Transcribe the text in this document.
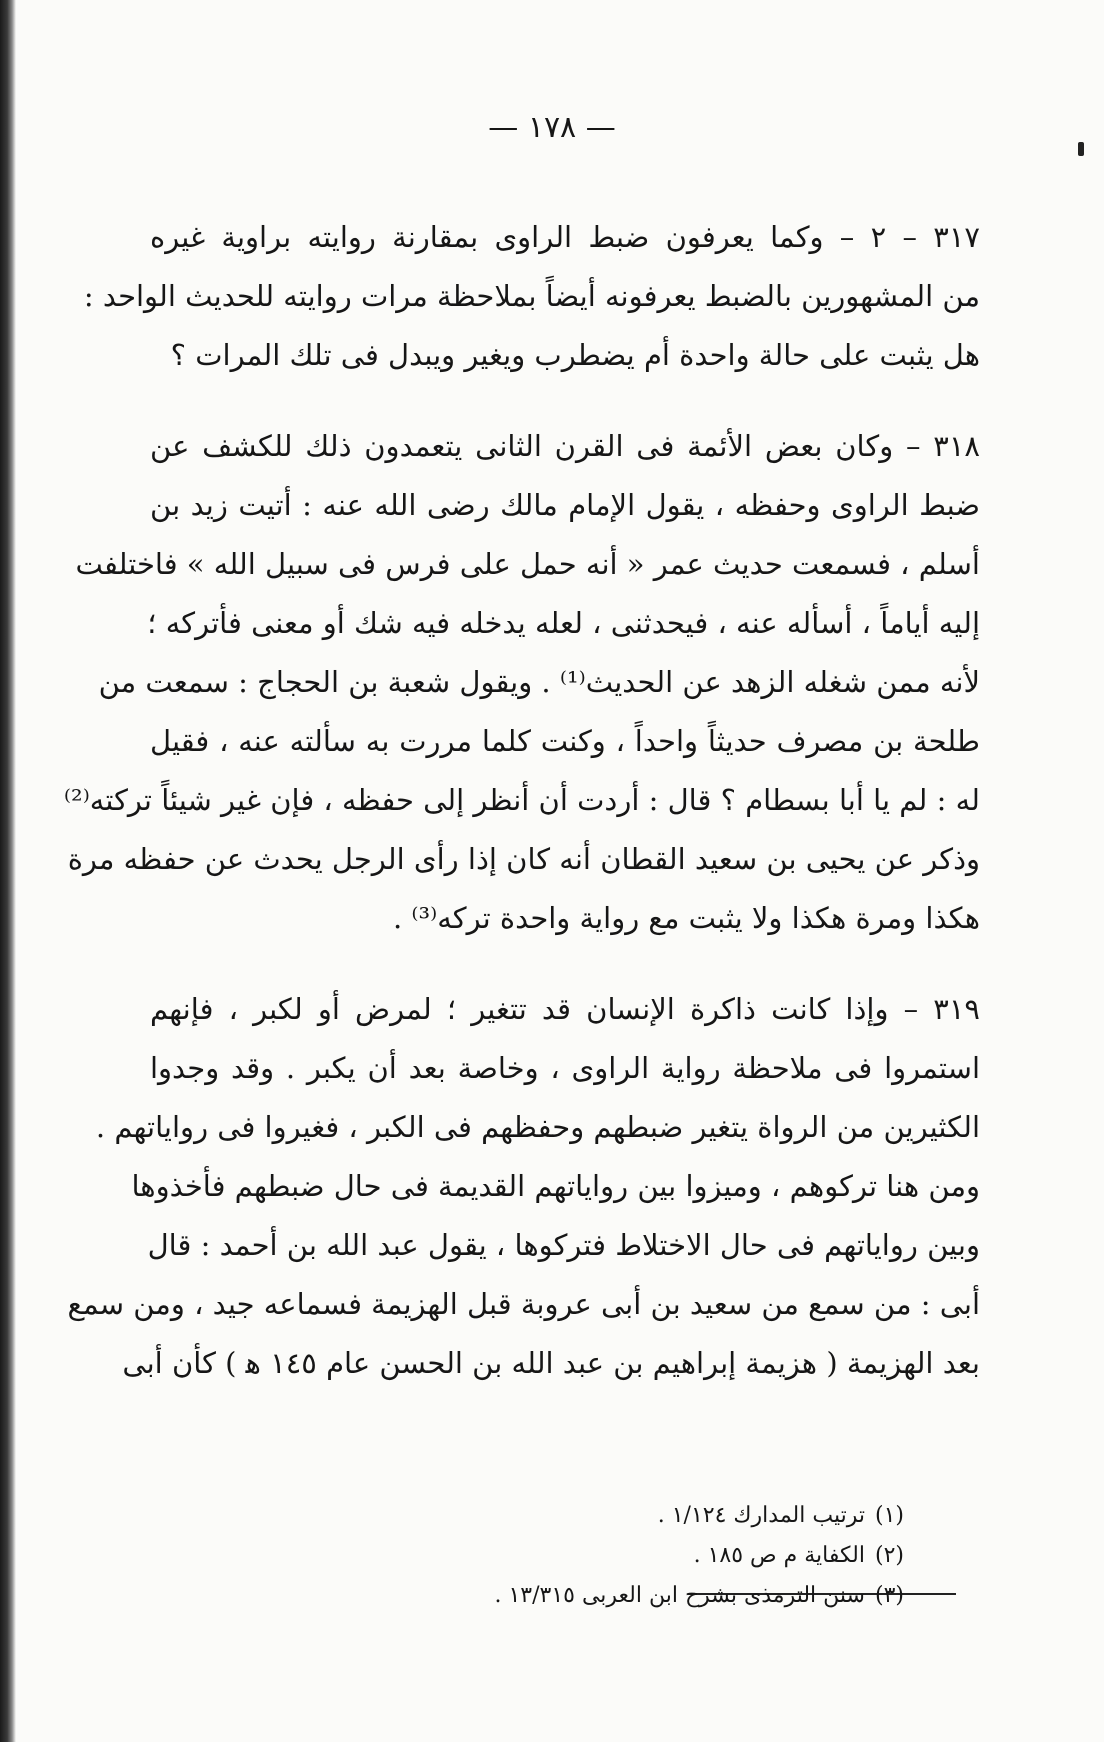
— ١٧٨ —
٣١٧ – ٢ – وكما يعرفون ضبط الراوى بمقارنة روايته براوية غيره
من المشهورين بالضبط يعرفونه أيضاً بملاحظة مرات روايته للحديث الواحد :
هل يثبت على حالة واحدة أم يضطرب ويغير ويبدل فى تلك المرات ؟
٣١٨ – وكان بعض الأئمة فى القرن الثانى يتعمدون ذلك للكشف عن
ضبط الراوى وحفظه ، يقول الإمام مالك رضى الله عنه : أتيت زيد بن
أسلم ، فسمعت حديث عمر « أنه حمل على فرس فى سبيل الله » فاختلفت
إليه أياماً ، أسأله عنه ، فيحدثنى ، لعله يدخله فيه شك أو معنى فأتركه ؛
لأنه ممن شغله الزهد عن الحديث⁽¹⁾ . ويقول شعبة بن الحجاج : سمعت من
طلحة بن مصرف حديثاً واحداً ، وكنت كلما مررت به سألته عنه ، فقيل
له : لم يا أبا بسطام ؟ قال : أردت أن أنظر إلى حفظه ، فإن غير شيئاً تركته⁽²⁾
وذكر عن يحيى بن سعيد القطان أنه كان إذا رأى الرجل يحدث عن حفظه مرة
هكذا ومرة هكذا ولا يثبت مع رواية واحدة تركه⁽³⁾ .
٣١٩ – وإذا كانت ذاكرة الإنسان قد تتغير ؛ لمرض أو لكبر ، فإنهم
استمروا فى ملاحظة رواية الراوى ، وخاصة بعد أن يكبر . وقد وجدوا
الكثيرين من الرواة يتغير ضبطهم وحفظهم فى الكبر ، فغيروا فى رواياتهم .
ومن هنا تركوهم ، وميزوا بين رواياتهم القديمة فى حال ضبطهم فأخذوها
وبين رواياتهم فى حال الاختلاط فتركوها ، يقول عبد الله بن أحمد : قال
أبى : من سمع من سعيد بن أبى عروبة قبل الهزيمة فسماعه جيد ، ومن سمع
بعد الهزيمة ( هزيمة إبراهيم بن عبد الله بن الحسن عام ١٤٥ ﻫ ) كأن أبى
(١)ترتيب المدارك ١/١٢٤ .
(٢)الكفاية م ص ١٨٥ .
(٣)سنن الترمذى بشرح ابن العربى ١٣/٣١٥ .
